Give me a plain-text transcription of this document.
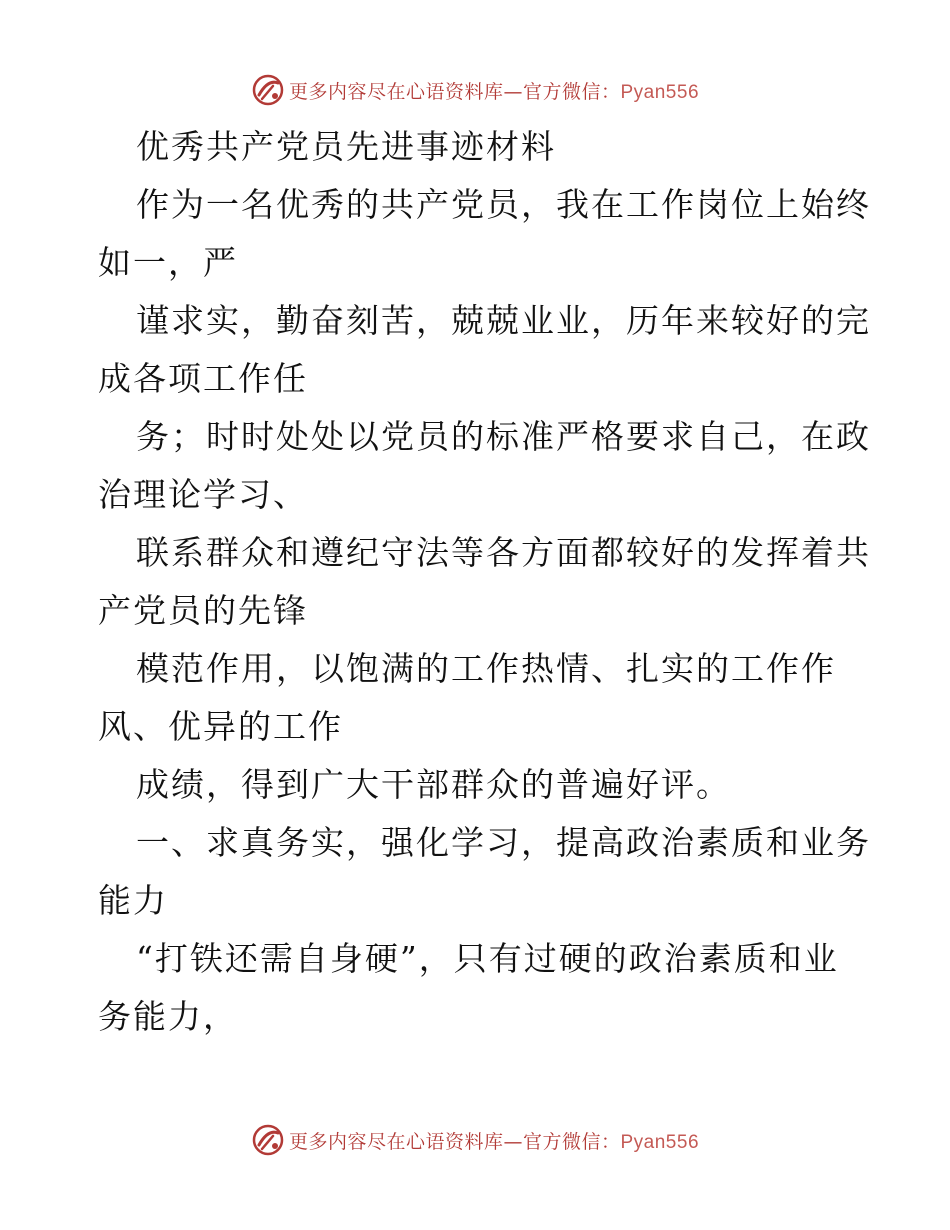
更多内容尽在心语资料库—官方微信：Pyan556
优秀共产党员先进事迹材料
作为一名优秀的共产党员，我在工作岗位上始终
如一，严
谨求实，勤奋刻苦，兢兢业业，历年来较好的完
成各项工作任
务；时时处处以党员的标准严格要求自己，在政
治理论学习、
联系群众和遵纪守法等各方面都较好的发挥着共
产党员的先锋
模范作用，以饱满的工作热情、扎实的工作作
风、优异的工作
成绩，得到广大干部群众的普遍好评。
一、求真务实，强化学习，提高政治素质和业务
能力
“打铁还需自身硬”，只有过硬的政治素质和业
务能力，
更多内容尽在心语资料库—官方微信：Pyan556
